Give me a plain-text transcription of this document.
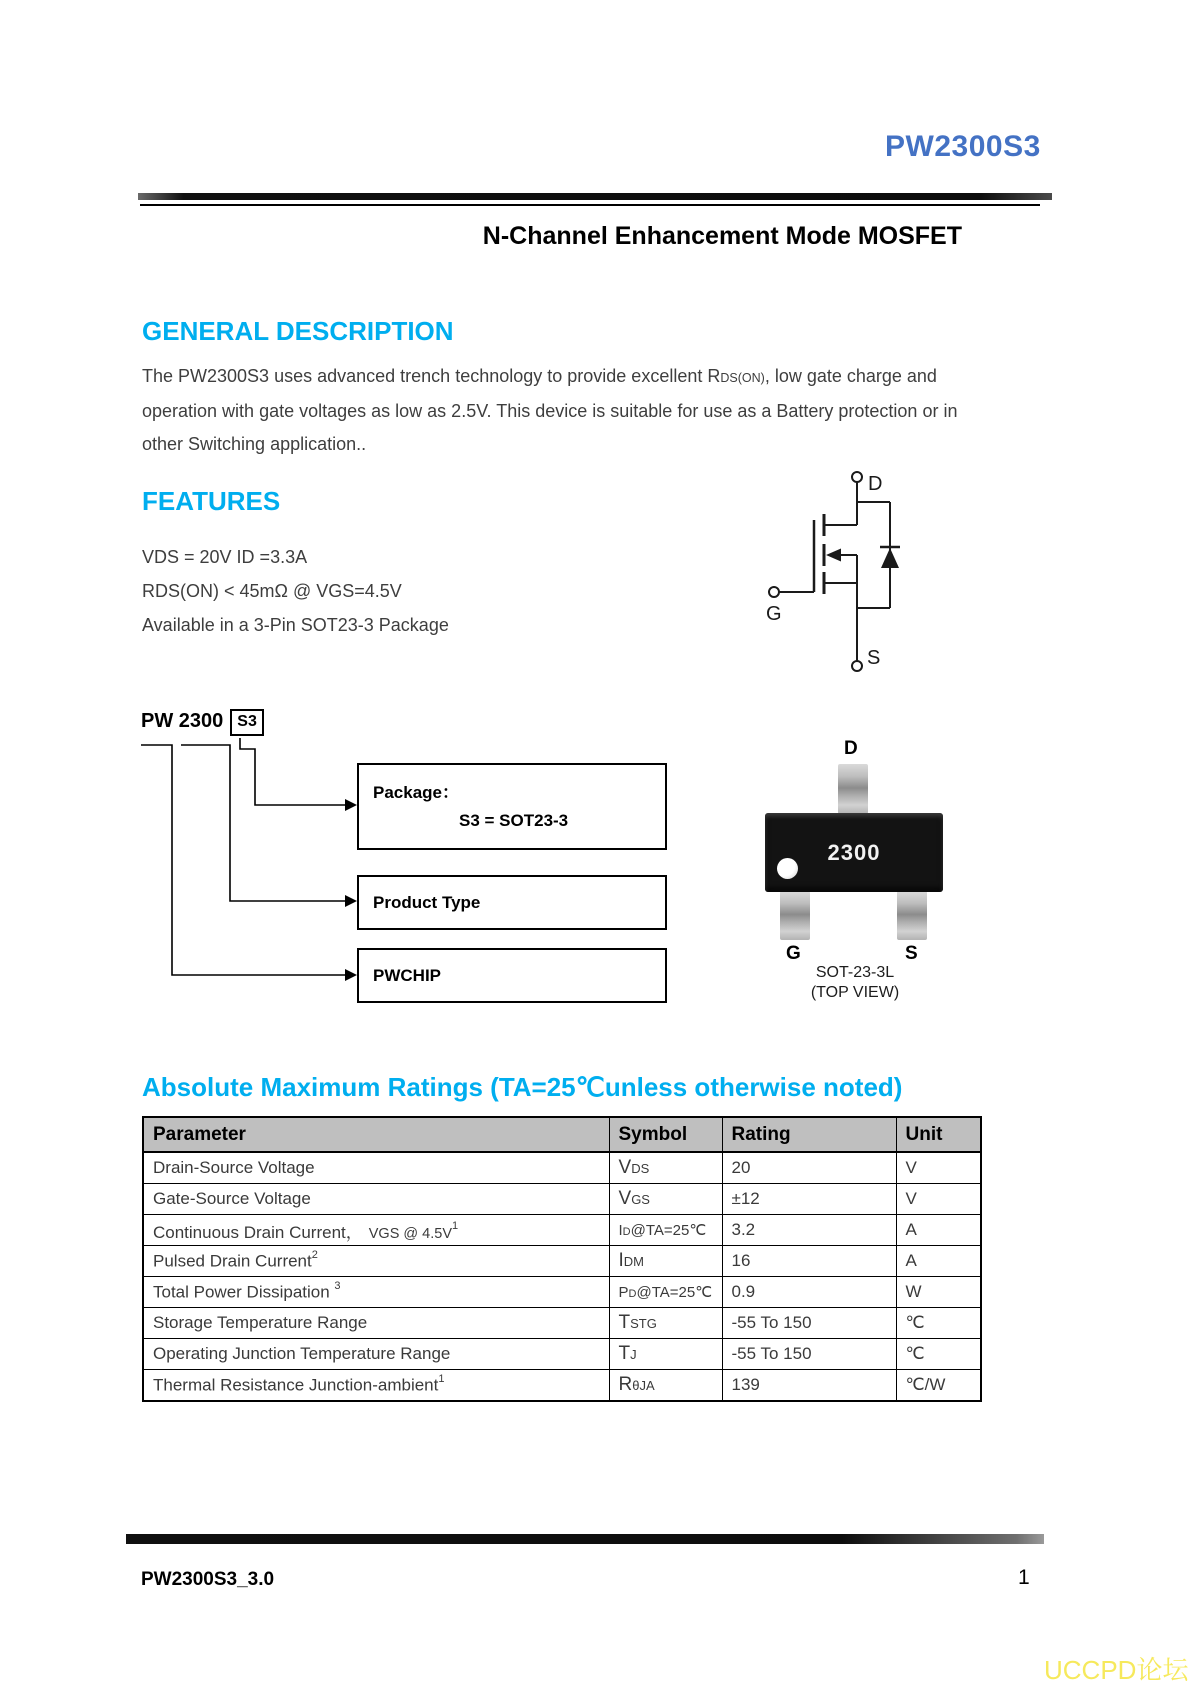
PW2300S3
N-Channel Enhancement Mode MOSFET
GENERAL DESCRIPTION
The PW2300S3 uses advanced trench technology to provide excellent RDS(ON), low gate charge and operation with gate voltages as low as 2.5V. This device is suitable for use as a Battery protection or in other Switching application..
FEATURES
VDS = 20V ID =3.3A
RDS(ON) < 45mΩ @ VGS=4.5V
Available in a 3-Pin SOT23-3 Package
D
G
S
PW 2300 S3
Package：
S3 = SOT23-3
Product Type
PWCHIP
D
2300
G	S
SOT-23-3L
(TOP VIEW)
Absolute Maximum Ratings (TA=25℃unless otherwise noted)
Parameter	Symbol	Rating	Unit
Drain-Source Voltage	VDS	20	V
Gate-Source Voltage	VGS	±12	V
Continuous Drain Current， VGS @ 4.5V$^1$	ID@TA=25℃	3.2	A
Pulsed Drain Current$^2$	IDM	16	A
Total Power Dissipation $^3$	PD@TA=25℃	0.9	W
Storage Temperature Range	TSTG	-55 To 150	℃
Operating Junction Temperature Range	TJ	-55 To 150	℃
Thermal Resistance Junction-ambient$^1$	RθJA	139	℃/W
PW2300S3_3.0	1
UCCPD论坛
